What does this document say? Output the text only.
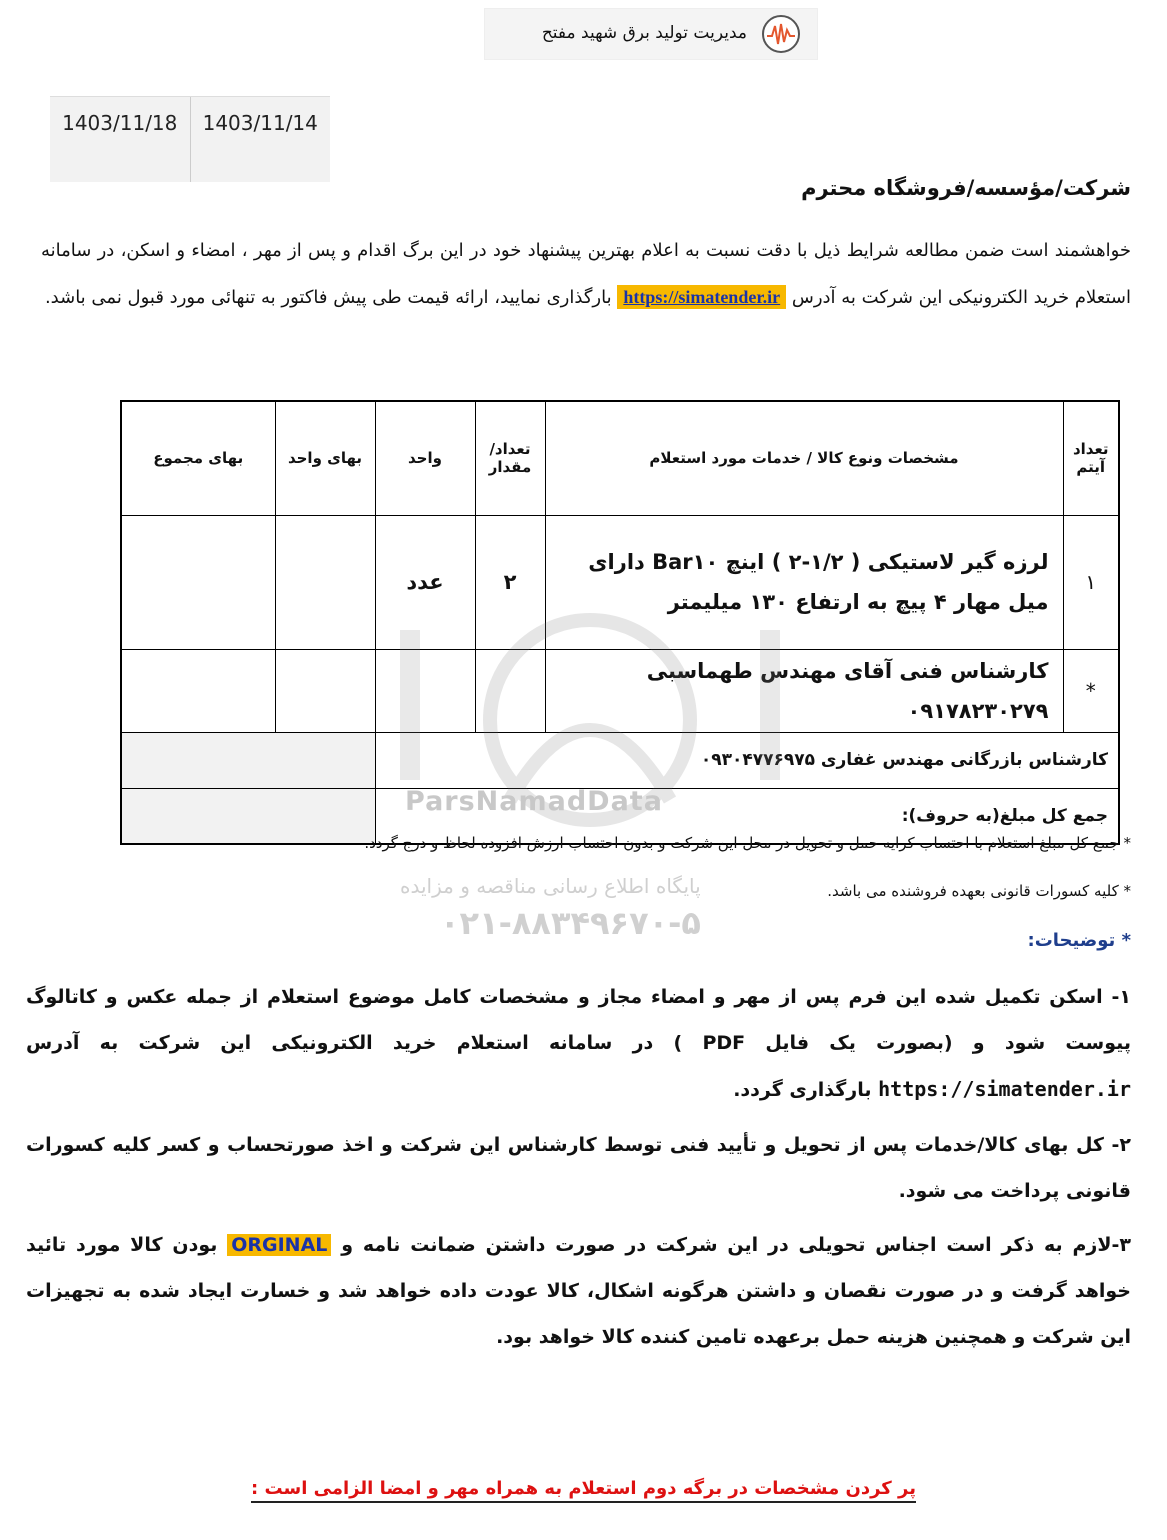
مدیریت تولید برق شهید مفتح
1403/11/18	1403/11/14
شرکت/مؤسسه/فروشگاه محترم
خواهشمند است ضمن مطالعه شرایط ذیل با دقت نسبت به اعلام بهترین پیشنهاد خود در این برگ اقدام و پس از مهر ، امضاء و اسکن، در سامانه استعلام خرید الکترونیکی این شرکت به آدرس https://simatender.ir بارگذاری نمایید، ارائه قیمت طی پیش فاکتور به تنهائی مورد قبول نمی باشد.
تعداد آیتم	مشخصات ونوع کالا / خدمات مورد استعلام	تعداد/ مقدار	واحد	بهای واحد	بهای مجموع
۱	لرزه گیر لاستیکی ( ۱/۲-۲ ) اینچ Bar۱۰ دارای میل مهار ۴ پیچ به ارتفاع ۱۳۰ میلیمتر	۲	عدد		
*	کارشناس فنی آقای مهندس طهماسبی ۰۹۱۷۸۲۳۰۲۷۹				
کارشناس بازرگانی مهندس غفاری ۰۹۳۰۴۷۷۶۹۷۵					
جمع کل مبلغ(به حروف):					
ParsNamadData
پایگاه اطلاع رسانی مناقصه و مزایده
۰۲۱-۸۸۳۴۹۶۷۰-۵
* جمع کل مبلغ استعلام با احتساب کرایه حمل و تحویل در محل این شرکت و بدون احتساب ارزش افزوده لحاظ و درج گردد.
* کلیه کسورات قانونی بعهده فروشنده می باشد.
* توضیحات:
۱- اسکن تکمیل شده این فرم پس از مهر و امضاء مجاز و مشخصات کامل موضوع استعلام از جمله عکس و کاتالوگ پیوست شود و (بصورت یک فایل PDF ) در سامانه استعلام خرید الکترونیکی این شرکت به آدرس https://simatender.ir بارگذاری گردد.
۲- کل بهای کالا/خدمات پس از تحویل و تأیید فنی توسط کارشناس این شرکت و اخذ صورتحساب و کسر کلیه کسورات قانونی پرداخت می شود.
۳-لازم به ذکر است اجناس تحویلی در این شرکت در صورت داشتن ضمانت نامه و ORGINAL بودن کالا مورد تائید خواهد گرفت و در صورت نقصان و داشتن هرگونه اشکال، کالا عودت داده خواهد شد و خسارت ایجاد شده به تجهیزات این شرکت و همچنین هزینه حمل برعهده تامین کننده کالا خواهد بود.
پر کردن مشخصات در برگه دوم استعلام به همراه مهر و امضا الزامی است :
